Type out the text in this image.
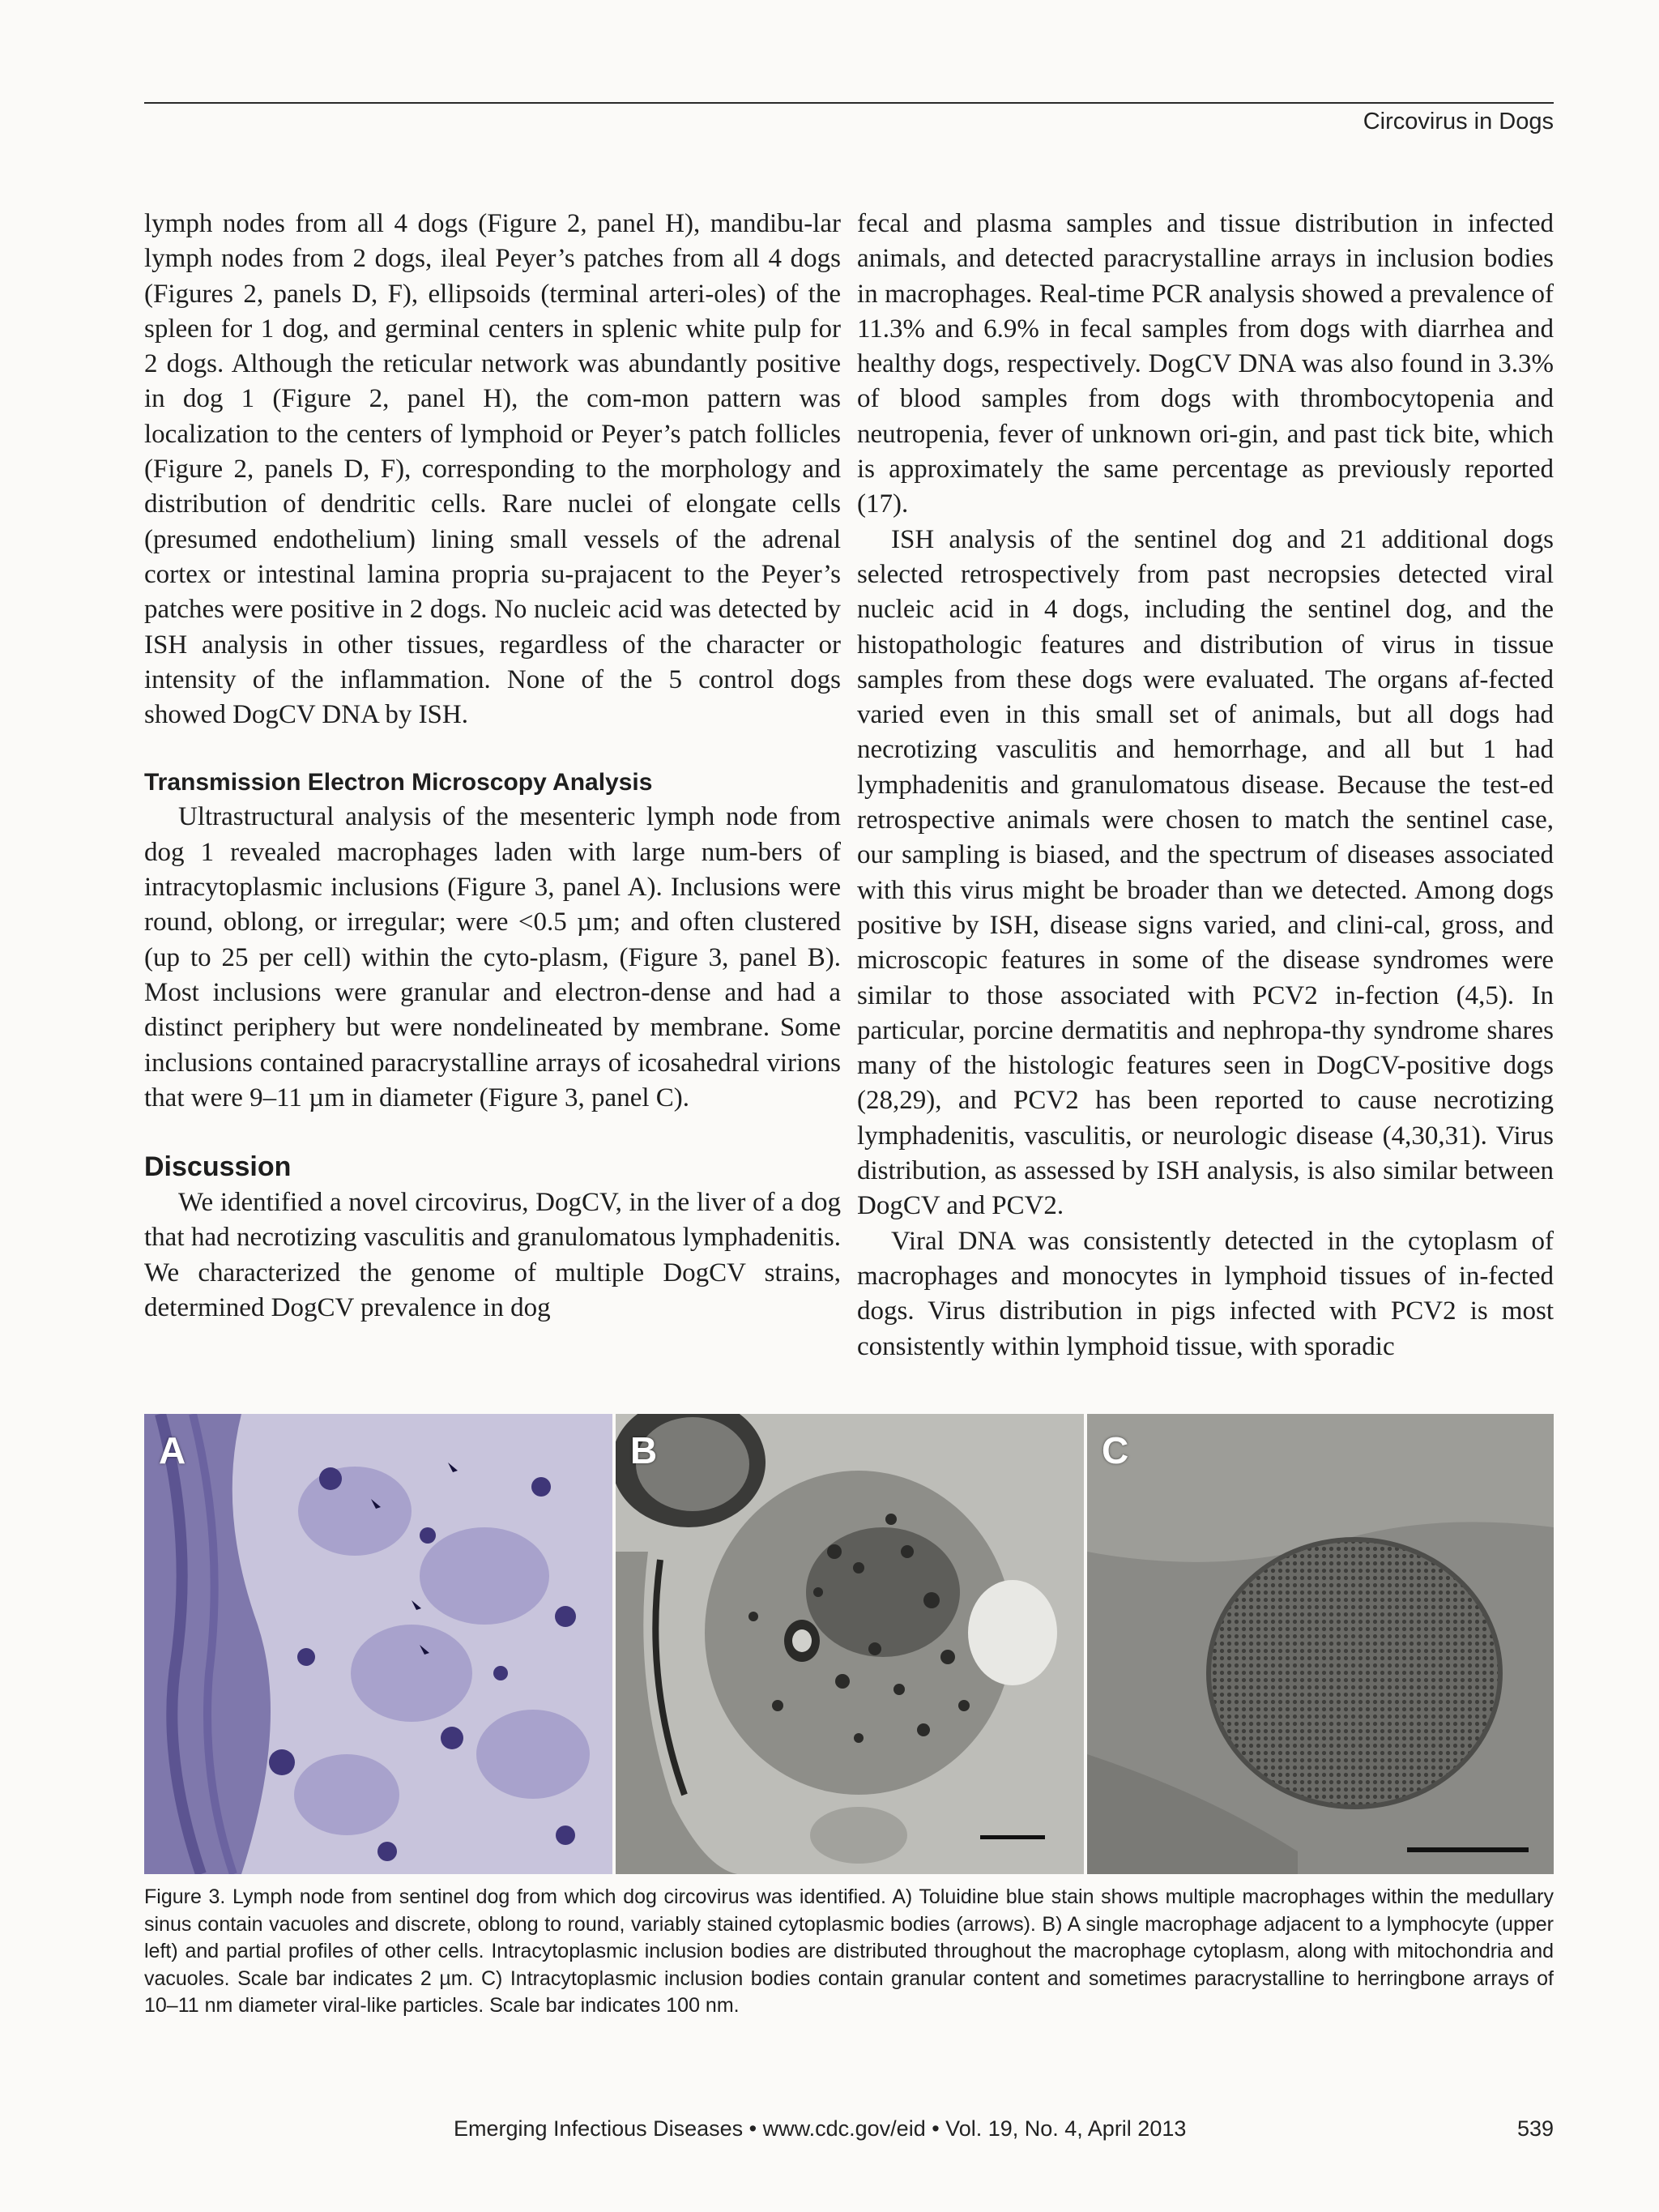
Circovirus in Dogs

lymph nodes from all 4 dogs (Figure 2, panel H), mandibu-lar lymph nodes from 2 dogs, ileal Peyer’s patches from all 4 dogs (Figures 2, panels D, F), ellipsoids (terminal arteri-oles) of the spleen for 1 dog, and germinal centers in splenic white pulp for 2 dogs. Although the reticular network was abundantly positive in dog 1 (Figure 2, panel H), the com-mon pattern was localization to the centers of lymphoid or Peyer’s patch follicles (Figure 2, panels D, F), corresponding to the morphology and distribution of dendritic cells. Rare nuclei of elongate cells (presumed endothelium) lining small vessels of the adrenal cortex or intestinal lamina propria su-prajacent to the Peyer’s patches were positive in 2 dogs. No nucleic acid was detected by ISH analysis in other tissues, regardless of the character or intensity of the inflammation. None of the 5 control dogs showed DogCV DNA by ISH.

Transmission Electron Microscopy Analysis

Ultrastructural analysis of the mesenteric lymph node from dog 1 revealed macrophages laden with large num-bers of intracytoplasmic inclusions (Figure 3, panel A). Inclusions were round, oblong, or irregular; were <0.5 µm; and often clustered (up to 25 per cell) within the cyto-plasm, (Figure 3, panel B). Most inclusions were granular and electron-dense and had a distinct periphery but were nondelineated by membrane. Some inclusions contained paracrystalline arrays of icosahedral virions that were 9–11 µm in diameter (Figure 3, panel C).

Discussion

We identified a novel circovirus, DogCV, in the liver of a dog that had necrotizing vasculitis and granulomatous lymphadenitis. We characterized the genome of multiple DogCV strains, determined DogCV prevalence in dog

fecal and plasma samples and tissue distribution in infected animals, and detected paracrystalline arrays in inclusion bodies in macrophages. Real-time PCR analysis showed a prevalence of 11.3% and 6.9% in fecal samples from dogs with diarrhea and healthy dogs, respectively. DogCV DNA was also found in 3.3% of blood samples from dogs with thrombocytopenia and neutropenia, fever of unknown ori-gin, and past tick bite, which is approximately the same percentage as previously reported (17).

ISH analysis of the sentinel dog and 21 additional dogs selected retrospectively from past necropsies detected viral nucleic acid in 4 dogs, including the sentinel dog, and the histopathologic features and distribution of virus in tissue samples from these dogs were evaluated. The organs af-fected varied even in this small set of animals, but all dogs had necrotizing vasculitis and hemorrhage, and all but 1 had lymphadenitis and granulomatous disease. Because the test-ed retrospective animals were chosen to match the sentinel case, our sampling is biased, and the spectrum of diseases associated with this virus might be broader than we detected. Among dogs positive by ISH, disease signs varied, and clini-cal, gross, and microscopic features in some of the disease syndromes were similar to those associated with PCV2 in-fection (4,5). In particular, porcine dermatitis and nephropa-thy syndrome shares many of the histologic features seen in DogCV-positive dogs (28,29), and PCV2 has been reported to cause necrotizing lymphadenitis, vasculitis, or neurologic disease (4,30,31). Virus distribution, as assessed by ISH analysis, is also similar between DogCV and PCV2.

Viral DNA was consistently detected in the cytoplasm of macrophages and monocytes in lymphoid tissues of in-fected dogs. Virus distribution in pigs infected with PCV2 is most consistently within lymphoid tissue, with sporadic

A	B	C
Figure 3. Lymph node from sentinel dog from which dog circovirus was identified. A) Toluidine blue stain shows multiple macrophages within the medullary sinus contain vacuoles and discrete, oblong to round, variably stained cytoplasmic bodies (arrows). B) A single macrophage adjacent to a lymphocyte (upper left) and partial profiles of other cells. Intracytoplasmic inclusion bodies are distributed throughout the macrophage cytoplasm, along with mitochondria and vacuoles. Scale bar indicates 2 µm. C) Intracytoplasmic inclusion bodies contain granular content and sometimes paracrystalline to herringbone arrays of 10–11 nm diameter viral-like particles. Scale bar indicates 100 nm.
Emerging Infectious Diseases • www.cdc.gov/eid • Vol. 19, No. 4, April 2013	539
